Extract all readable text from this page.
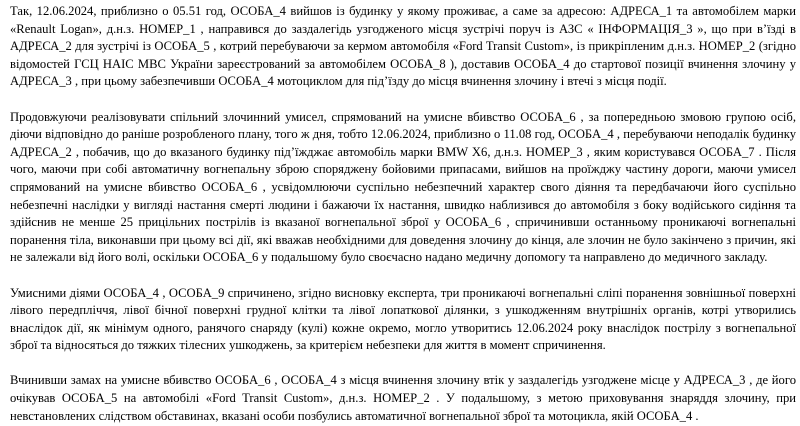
Так, 12.06.2024, приблизно о 05.51 год, ОСОБА_4 вийшов із будинку у якому проживає, а саме за адресою: АДРЕСА_1 та автомобілем марки «Renault Logan», д.н.з. НОМЕР_1 , направився до заздалегідь узгодженого місця зустрічі поруч із АЗС « ІНФОРМАЦІЯ_3 », що при в’їзді в АДРЕСА_2 для зустрічі із ОСОБА_5 , котрий перебуваючи за кермом автомобіля «Ford Transit Custom», із прикріпленим д.н.з. НОМЕР_2 (згідно відомостей ГСЦ НАІС МВС України зареєстрований за автомобілем ОСОБА_8 ), доставив ОСОБА_4 до стартової позиції вчинення злочину у АДРЕСА_3 , при цьому забезпечивши ОСОБА_4 мотоциклом для під’їзду до місця вчинення злочину і втечі з місця події.

Продовжуючи реалізовувати спільний злочинний умисел, спрямований на умисне вбивство ОСОБА_6 , за попередньою змовою групою осіб, діючи відповідно до раніше розробленого плану, того ж дня, тобто 12.06.2024, приблизно о 11.08 год, ОСОБА_4 , перебуваючи неподалік будинку АДРЕСА_2 , побачив, що до вказаного будинку під’їжджає автомобіль марки BMW X6, д.н.з. НОМЕР_3 , яким користувався ОСОБА_7 . Після чого, маючи при собі автоматичну вогнепальну зброю споряджену бойовими припасами, вийшов на проїжджу частину дороги, маючи умисел спрямований на умисне вбивство ОСОБА_6 , усвідомлюючи суспільно небезпечний характер свого діяння та передбачаючи його суспільно небезпечні наслідки у вигляді настання смерті людини і бажаючи їх настання, швидко наблизився до автомобіля з боку водійського сидіння та здійснив не менше 25 прицільних пострілів із вказаної вогнепальної зброї у ОСОБА_6 , спричинивши останньому проникаючі вогнепальні поранення тіла, виконавши при цьому всі дії, які вважав необхідними для доведення злочину до кінця, але злочин не було закінчено з причин, які не залежали від його волі, оскільки ОСОБА_6 у подальшому було своєчасно надано медичну допомогу та направлено до медичного закладу.

Умисними діями ОСОБА_4 , ОСОБА_9 спричинено, згідно висновку експерта, три проникаючі вогнепальні сліпі поранення зовнішньої поверхні лівого передпліччя, лівої бічної поверхні грудної клітки та лівої лопаткової ділянки, з ушкодженням внутрішніх органів, котрі утворились внаслідок дії, як мінімум одного, ранячого снаряду (кулі) кожне окремо, могло утворитись 12.06.2024 року внаслідок пострілу з вогнепальної зброї та відносяться до тяжких тілесних ушкоджень, за критерієм небезпеки для життя в момент спричинення.

Вчинивши замах на умисне вбивство ОСОБА_6 , ОСОБА_4 з місця вчинення злочину втік у заздалегідь узгоджене місце у АДРЕСА_3 , де його очікував ОСОБА_5 на автомобілі «Ford Transit Custom», д.н.з. НОМЕР_2 . У подальшому, з метою приховування знаряддя злочину, при невстановлених слідством обставинах, вказані особи позбулись автоматичної вогнепальної зброї та мотоцикла, якій ОСОБА_4 .
